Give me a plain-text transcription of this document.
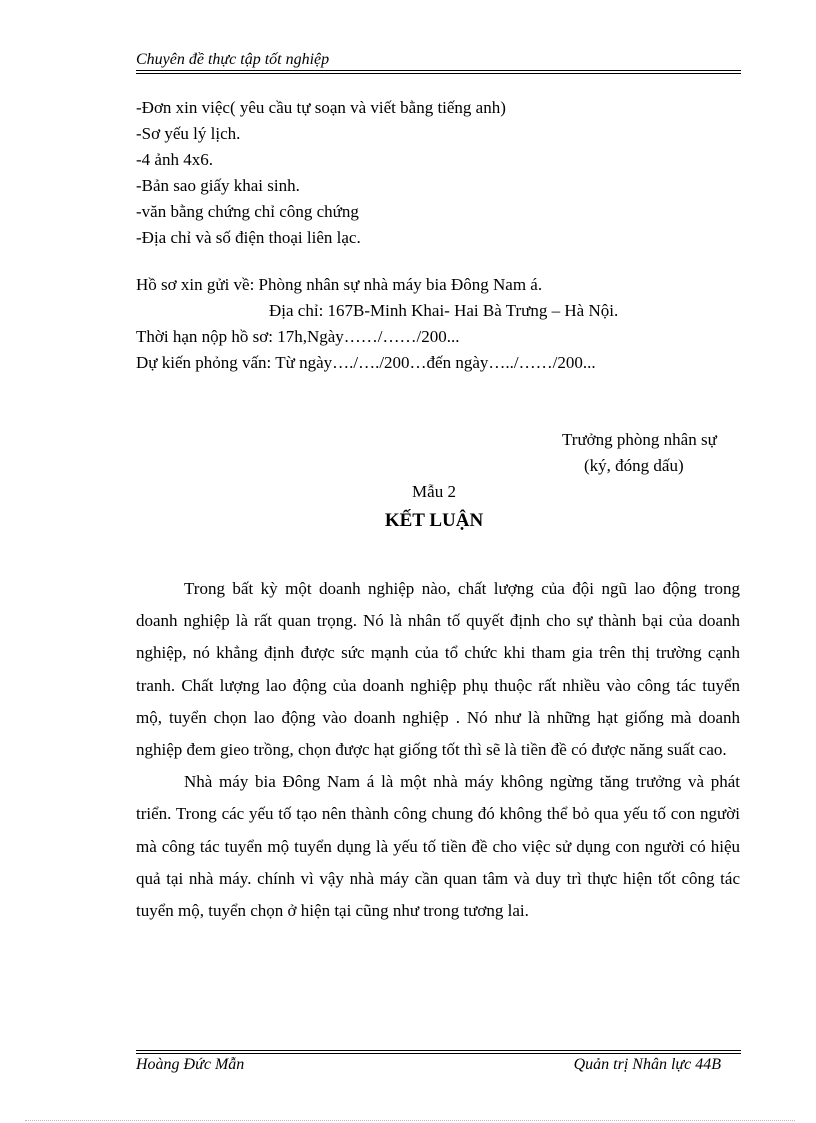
Chuyên đề thực tập tốt nghiệp
-Đơn xin việc( yêu cầu tự soạn và viết bằng tiếng anh)
-Sơ yếu lý lịch.
-4 ảnh 4x6.
-Bản sao giấy khai sinh.
-văn bằng chứng chỉ công chứng
-Địa chỉ và số điện thoại liên lạc.
Hồ sơ xin gửi về: Phòng nhân sự nhà máy bia Đông Nam á.
Địa chỉ: 167B-Minh Khai- Hai Bà Trưng – Hà Nội.
Thời hạn nộp hồ sơ: 17h,Ngày……/……/200...
Dự kiến phỏng vấn: Từ ngày…./…./200…đến ngày…../……/200...
Trưởng phòng nhân sự
(ký, đóng dấu)
Mẫu 2
KẾT LUẬN

Trong bất kỳ một doanh nghiệp nào, chất lượng của đội ngũ lao động trong doanh nghiệp là rất quan trọng. Nó là nhân tố quyết định cho sự thành bại của doanh nghiệp, nó khẳng định được sức mạnh của tổ chức khi tham gia trên thị trường cạnh tranh. Chất lượng lao động của doanh nghiệp phụ thuộc rất nhiều vào công tác tuyển mộ, tuyển chọn lao động vào doanh nghiệp . Nó như là những hạt giống mà doanh nghiệp đem gieo trồng, chọn được hạt giống tốt thì sẽ là tiền đề có được năng suất cao.

Nhà máy bia Đông Nam á là một nhà máy không ngừng tăng trưởng và phát triển. Trong các yếu tố tạo nên thành công chung đó không thể bỏ qua yếu tố con người mà công tác tuyển mộ tuyển dụng là yếu tố tiền đề cho việc sử dụng con người có hiệu quả tại nhà máy. chính vì vậy nhà máy cần quan tâm và duy trì thực hiện tốt công tác tuyển mộ, tuyển chọn ở hiện tại cũng như trong tương lai.

Hoàng Đức Mẫn	Quản trị Nhân lực 44B
